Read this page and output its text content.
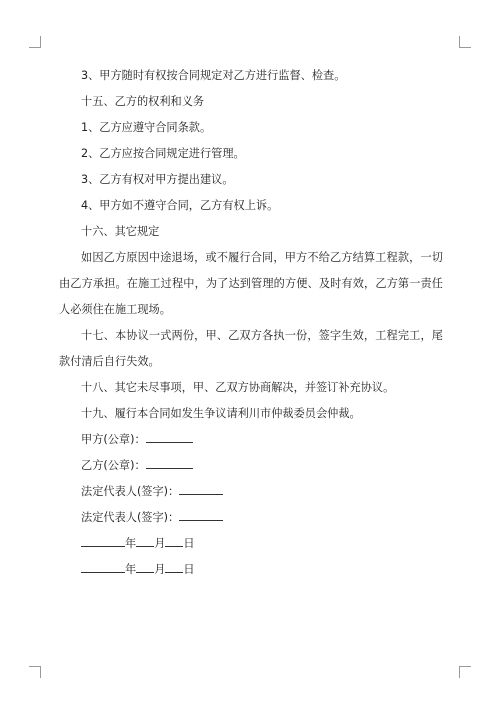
3、甲方随时有权按合同规定对乙方进行监督、检查。

十五、乙方的权利和义务

1、乙方应遵守合同条款。

2、乙方应按合同规定进行管理。

3、乙方有权对甲方提出建议。

4、甲方如不遵守合同，乙方有权上诉。

十六、其它规定

如因乙方原因中途退场，或不履行合同，甲方不给乙方结算工程款，一切由乙方承担。在施工过程中，为了达到管理的方便、及时有效，乙方第一责任人必须住在施工现场。

十七、本协议一式两份，甲、乙双方各执一份，签字生效，工程完工，尾款付清后自行失效。

十八、其它未尽事项，甲、乙双方协商解决，并签订补充协议。

十九、履行本合同如发生争议请利川市仲裁委员会仲裁。

甲方(公章)：

乙方(公章)：

法定代表人(签字)：

法定代表人(签字)：

年 月 日

年 月 日
